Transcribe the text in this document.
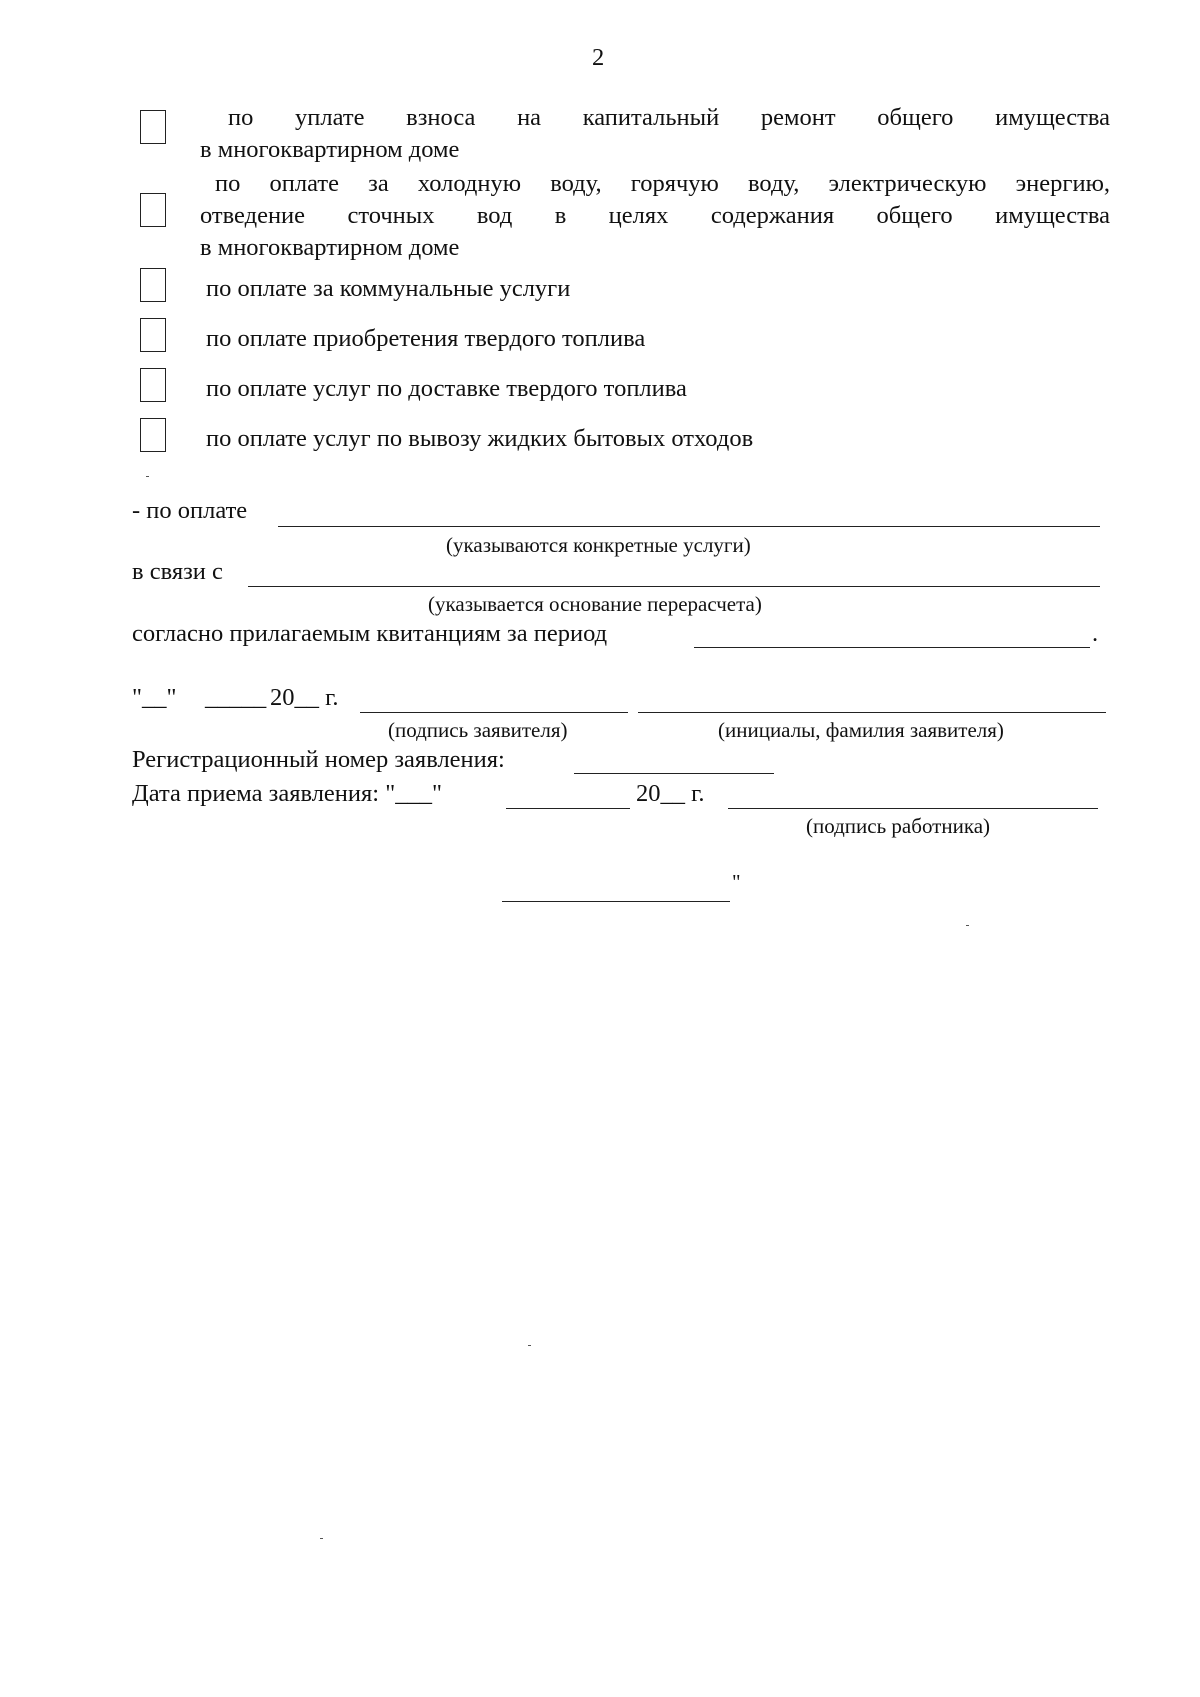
2
по уплате взноса на капитальный ремонт общего имущества
в многоквартирном доме
по оплате за холодную воду, горячую воду, электрическую энергию,
отведение сточных вод в целях содержания общего имущества
в многоквартирном доме
по оплате за коммунальные услуги
по оплате приобретения твердого топлива
по оплате услуг по доставке твердого топлива
по оплате услуг по вывозу жидких бытовых отходов
- по оплате
(указываются конкретные услуги)
в связи с
(указывается основание перерасчета)
согласно прилагаемым квитанциям за период	.
"__" _____ 20__ г.
(подпись заявителя)	(инициалы, фамилия заявителя)
Регистрационный номер заявления:
Дата приема заявления: "___"	20__ г.
(подпись работника)
"
